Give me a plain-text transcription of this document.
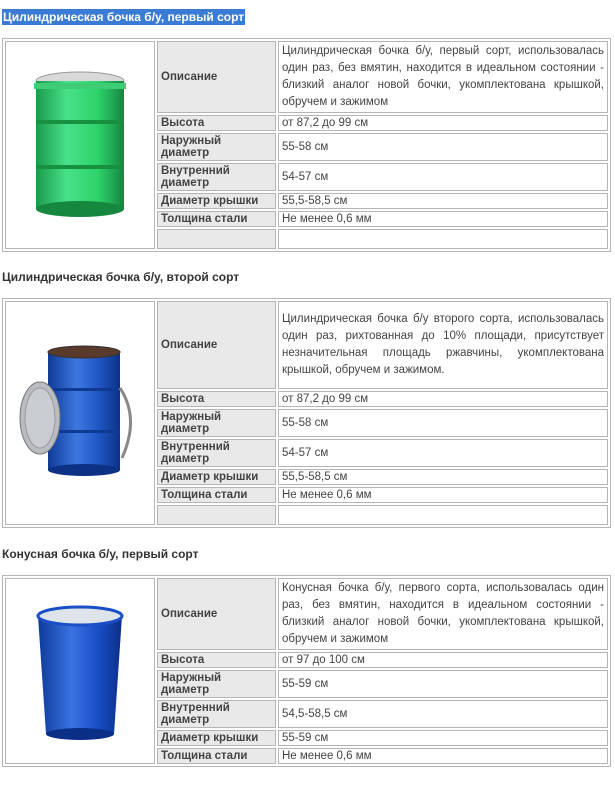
Цилиндрическая бочка б/у, первый сорт
	Описание	Цилиндрическая бочка б/у, первый сорт, использовалась один раз, без вмятин, находится в идеальном состоянии - близкий аналог новой бочки, укомплектована крышкой, обручем и зажимом
	Высота	от 87,2 до 99 см
	Наружный диаметр	55-58 см
	Внутренний диаметр	54-57 см
	Диаметр крышки	55,5-58,5 см
	Толщина стали	Не менее 0,6 мм

Цилиндрическая бочка б/у, второй сорт
	Описание	Цилиндрическая бочка б/у второго сорта, использовалась один раз, рихтованная до 10% площади, присутствует незначительная площадь ржавчины, укомплектована крышкой, обручем и зажимом.
	Высота	от 87,2 до 99 см
	Наружный диаметр	55-58 см
	Внутренний диаметр	54-57 см
	Диаметр крышки	55,5-58,5 см
	Толщина стали	Не менее 0,6 мм

Конусная бочка б/у, первый сорт
	Описание	Конусная бочка б/у, первого сорта, использовалась один раз, без вмятин, находится в идеальном состоянии - близкий аналог новой бочки, укомплектована крышкой, обручем и зажимом
	Высота	от 97 до 100 см
	Наружный диаметр	55-59 см
	Внутренний диаметр	54,5-58,5 см
	Диаметр крышки	55-59 см
	Толщина стали	Не менее 0,6 мм
